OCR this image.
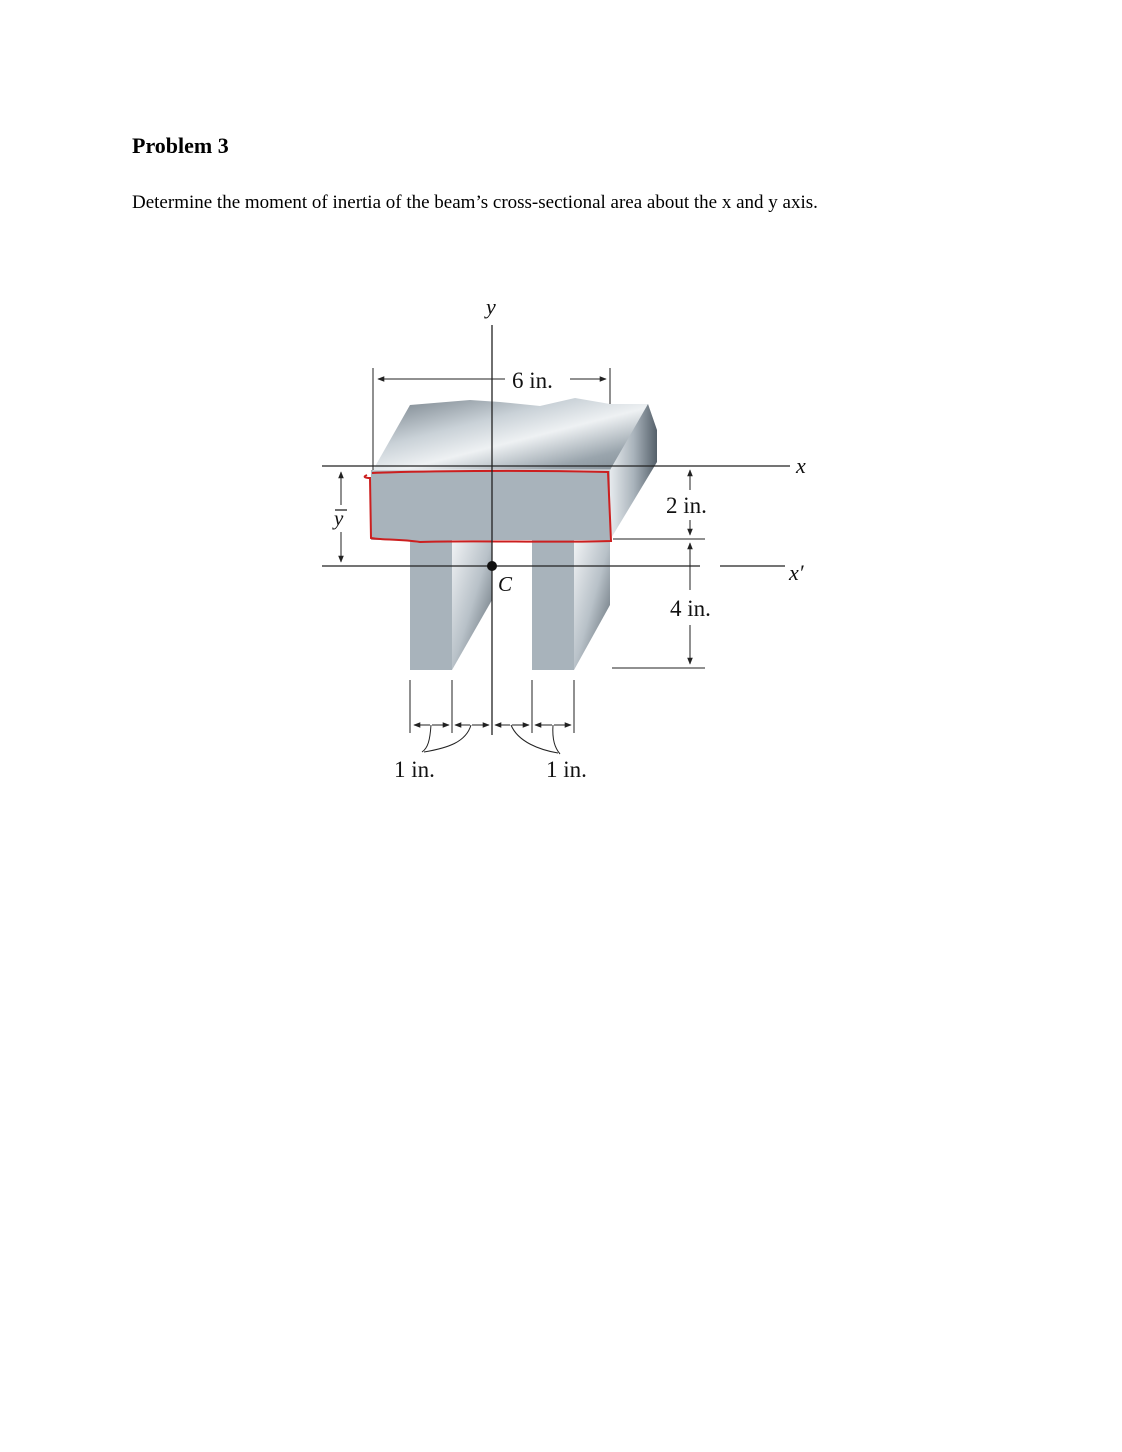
Problem 3
Determine the moment of inertia of the beam’s cross-sectional area about the x and y axis.
y
x
x′
C
y
6 in.
2 in.
4 in.
1 in.	1 in.
